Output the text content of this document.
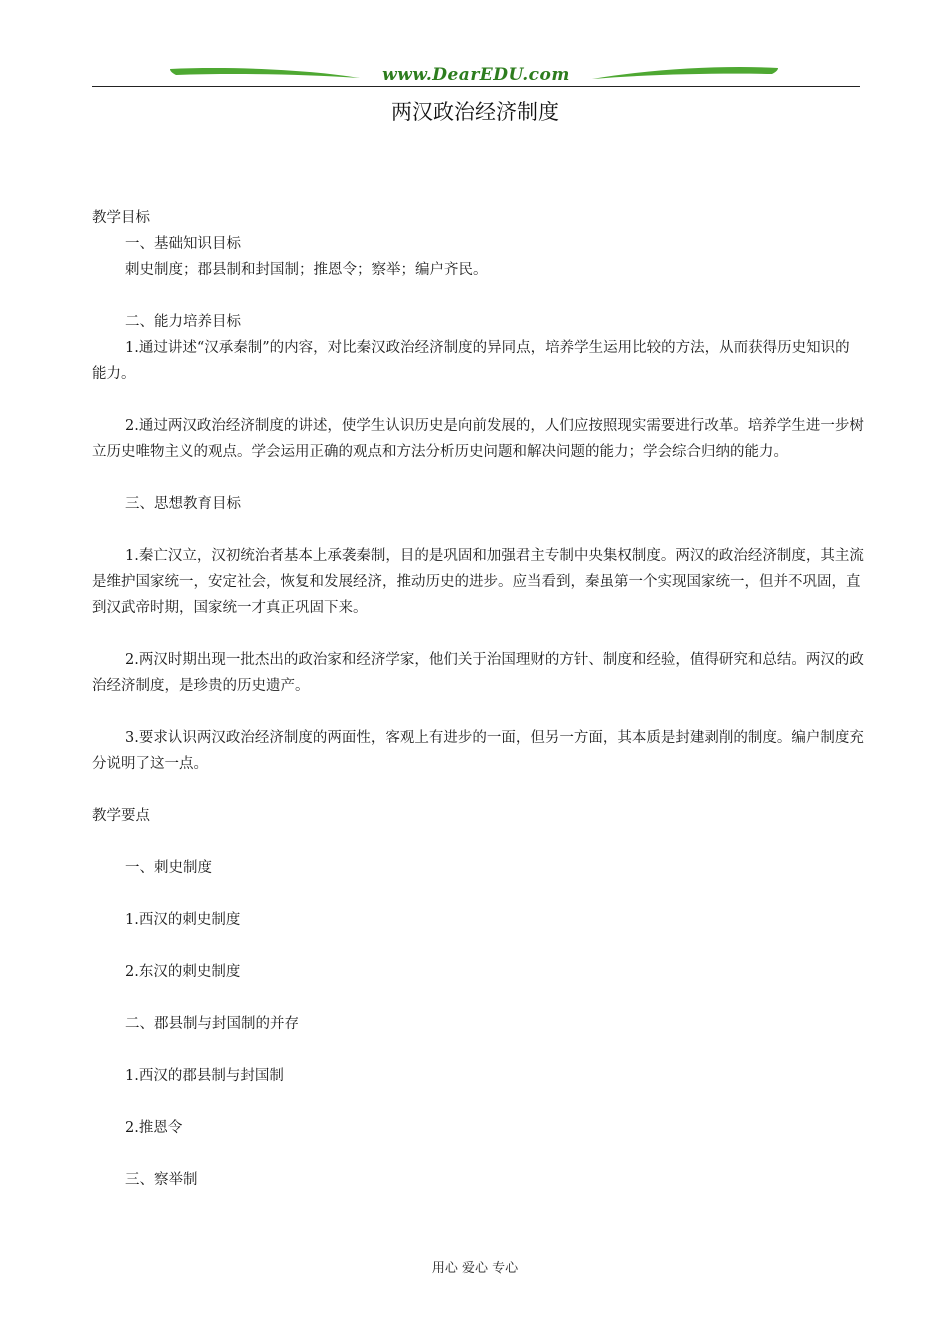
www.DearEDU.com
两汉政治经济制度

教学目标

一、基础知识目标

刺史制度；郡县制和封国制；推恩令；察举；编户齐民。

二、能力培养目标

1.通过讲述“汉承秦制”的内容，对比秦汉政治经济制度的异同点，培养学生运用比较的方法，从而获得历史知识的能力。

2.通过两汉政治经济制度的讲述，使学生认识历史是向前发展的，人们应按照现实需要进行改革。培养学生进一步树立历史唯物主义的观点。学会运用正确的观点和方法分析历史问题和解决问题的能力；学会综合归纳的能力。

三、思想教育目标

1.秦亡汉立，汉初统治者基本上承袭秦制，目的是巩固和加强君主专制中央集权制度。两汉的政治经济制度，其主流是维护国家统一，安定社会，恢复和发展经济，推动历史的进步。应当看到，秦虽第一个实现国家统一，但并不巩固，直到汉武帝时期，国家统一才真正巩固下来。

2.两汉时期出现一批杰出的政治家和经济学家，他们关于治国理财的方针、制度和经验，值得研究和总结。两汉的政治经济制度，是珍贵的历史遗产。

3.要求认识两汉政治经济制度的两面性，客观上有进步的一面，但另一方面，其本质是封建剥削的制度。编户制度充分说明了这一点。

教学要点

一、刺史制度

1.西汉的刺史制度

2.东汉的刺史制度

二、郡县制与封国制的并存

1.西汉的郡县制与封国制

2.推恩令

三、察举制

用心 爱心 专心
